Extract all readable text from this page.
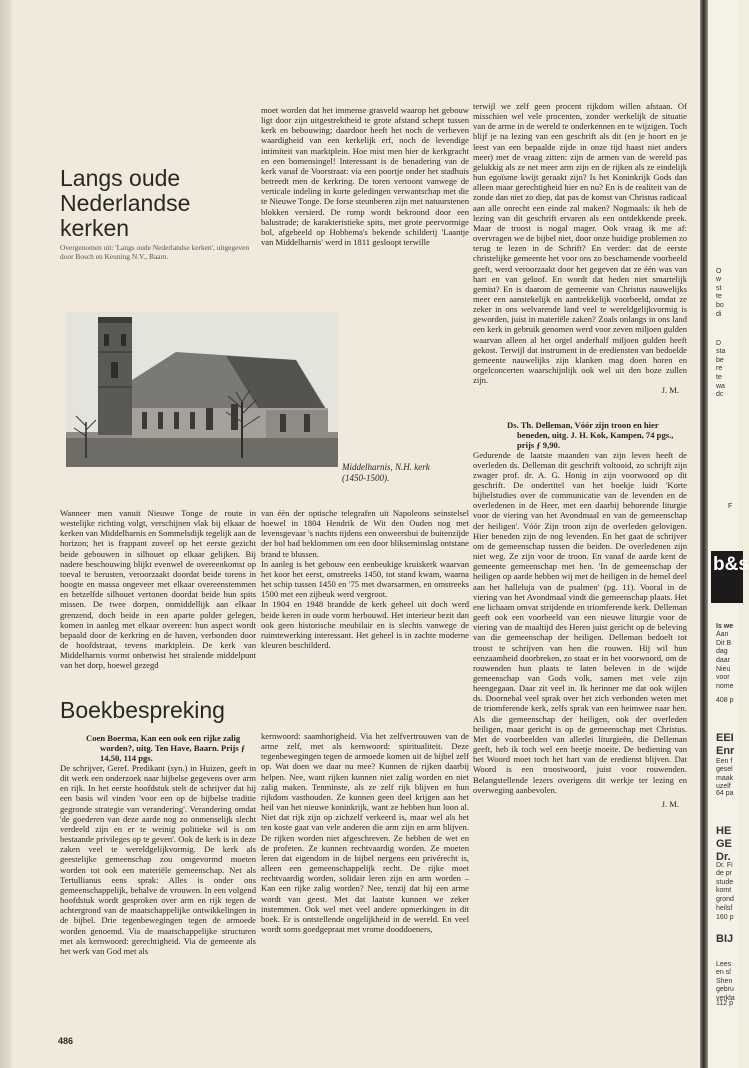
Langs oude
Nederlandse
kerken
Overgenomen uit: 'Langs oude Nederlandse kerken', uitgegeven door Bosch en Keuning N.V., Baarn.

moet worden dat het immense grasveld waarop het gebouw ligt door zijn uitgestrektheid te grote afstand schept tussen kerk en bebouwing; daardoor heeft het noch de verheven waardigheid van een kerkelijk erf, noch de levendige intimiteit van marktplein. Hoe mist men hier de kerkgracht en een bomensingel! Interessant is de benadering van de kerk vanaf de Voorstraat: via een poortje onder het stadhuis betreedt men de kerkring. De toren vertoont vanwege de verticale indeling in korte geledingen verwantschap met die te Nieuwe Tonge. De forse steunberen zijn met natuurstenen blokken versierd. De romp wordt bekroond door een balustrade; de karakteristieke spits, met grote peervormige bol, afgebeeld op Hobbema's bekende schilderij 'Laantje van Middelharnis' werd in 1811 gesloopt terwille

Middelharnis, N.H. kerk
(1450-1500).

Wanneer men vanuit Nieuwe Tonge de route in westelijke richting volgt, verschijnen vlak bij elkaar de kerken van Middelharnis en Sommelsdijk tegelijk aan de horizon; het is frappant zoveel op het eerste gezicht beide gebouwen in silhouet op elkaar gelijken. Bij nadere beschouwing blijkt evenwel de overeenkomst op toeval te berusten, veroorzaakt doordat beide torens in hoogte en massa ongeveer met elkaar overeenstemmen en hetzelfde silhouet vertonen doordat beide hun spits missen. De twee dorpen, onmiddellijk aan elkaar grenzend, doch beide in een aparte polder gelegen, komen in aanleg met elkaar overeen: hun aspect wordt bepaald door de kerkring en de haven, verbonden door de hoofdstraat, tevens marktplein. De kerk van Middelharnis vormt onbetwist het stralende middelpunt van het dorp, hoewel gezegd

van één der optische telegrafen uit Napoleons seinstelsel hoewel in 1804 Hendrik de Wit den Ouden nog met levensgevaar 's nachts tijdens een onweersbui de buitenzijde der bol had beklommen om een door blikseminslag ontstane brand te blussen.

In aanleg is het gebouw een eenbeukige kruiskerk waarvan het koor het eerst, omstreeks 1450, tot stand kwam, waarna het schip tussen 1450 en '75 met dwarsarmen, en omstreeks 1500 met een zijbeuk werd vergroot.

In 1904 en 1948 brandde de kerk geheel uit doch werd beide keren in oude vorm herbouwd. Het interieur bezit dan ook geen historische meubilair en is slechts vanwege de ruimtewerking interessant. Het geheel is in zachte moderne kleuren beschilderd.

Boekbespreking

Coen Boerma, Kan een ook een rijke zalig worden?, uitg. Ten Have, Baarn. Prijs ƒ 14,50, 114 pgs.

De schrijver, Geref. Predikant (syn.) in Huizen, geeft in dit werk een onderzoek naar bijbelse gegevens over arm en rijk. In het eerste hoofdstuk stelt de schrijver dat hij een basis wil vinden 'voor een op de bijbelse traditie gegronde strategie van verandering'. Verandering omdat 'de goederen van deze aarde nog zo onmenselijk slecht verdeeld zijn en er te weinig politieke wil is om bestaande privileges op te geven'. Ook de kerk is in deze zaken veel te wereldgelijkvormig. De kerk als geestelijke gemeenschap zou omgevormd moeten worden tot ook een materiële gemeenschap. Net als Tertullianus eens sprak: Alles is onder ons gemeenschappelijk, behalve de vrouwen. In een volgend hoofdstuk wordt gesproken over arm en rijk tegen de achtergrond van de maatschappelijke ontwikkelingen in de bijbel. Drie tegenbewegingen tegen de armoede worden genoemd. Via de maatschappelijke structuren met als kernwoord: gerechtigheid. Via de gemeente als het werk van God met als

kernwoord: saamhorigheid. Via het zelfvertrouwen van de arme zelf, met als kernwoord: spiritualiteit. Deze tegenbewegingen tegen de armoede komen uit de bijbel zelf op. Wat doen we daar nu mee? Kunnen de rijken daarbij helpen. Nee, want rijken kunnen niet zalig worden en niet zalig maken. Tenminste, als ze zelf rijk blijven en hun rijkdom vasthouden. Ze kunnen geen deel krijgen aan het heil van het nieuwe koninkrijk, want ze hebben hun loon al. Niet dat rijk zijn op zichzelf verkeerd is, maar wel als het ten koste gaat van vele anderen die arm zijn en arm blijven. De rijken worden niet afgeschreven. Ze hebben de wet en de profeten. Ze kunnen rechtvaardig worden. Ze moeten leren dat eigendom in de bijbel nergens een privérecht is, alleen een gemeenschappelijk recht. De rijke moet rechtvaardig worden, solidair leren zijn en arm worden – Kan een rijke zalig worden? Nee, tenzij dat hij een arme wordt van geest. Met dat laatste kunnen we zeker instemmen. Ook wel met veel andere opmerkingen in dit boek. Er is ontstellende ongelijkheid in de wereld. En veel wordt soms goedgepraat met vrome dooddoeners,

terwijl we zelf geen procent rijkdom willen afstaan. Of misschien wel vele procenten, zonder werkelijk de situatie van de arme in de wereld te onderkennen en te wijzigen. Toch blijf je na lezing van een geschrift als dit (en je hoort en je leest van een bepaalde zijde in onze tijd haast niet anders meer) met de vraag zitten: zijn de armen van de wereld pas gelukkig als ze net meer arm zijn en de rijken als ze eindelijk hun egoïsme kwijt geraakt zijn? Is het Koninkrijk Gods dan alleen maar gerechtigheid hier en nu? En is de realiteit van de zonde dan niet zo diep, dat pas de komst van Christus radicaal aan alle onrecht een einde zal maken? Nogmaals: ik heb de lezing van dit geschrift ervaren als een ontdekkende preek. Maar de troost is nogal mager. Ook vraag ik me af: overvragen we de bijbel niet, door onze huidige problemen zo terug te lezen in de Schrift? En verder: dat de eerste christelijke gemeente het voor ons zo beschamende voorbeeld geeft, werd veroorzaakt door het gegeven dat ze één was van hart en van geloof. En wordt dat heden niet smartelijk gemist? En is daarom de gemeente van Christus nauwelijks meer een aanstekelijk en aantrekkelijk voorbeeld, omdat ze zeker in ons welvarende land veel te wereldgelijkvormig is geworden, juist in materiële zaken? Zoals onlangs in ons land een kerk in gebruik genomen werd voor zeven miljoen gulden waarvan alleen al het orgel anderhalf miljoen gulden heeft gekost. Terwijl dat instrument in de erediensten van bedoelde gemeente nauwelijks zijn klanken mag doen horen en orgelconcerten waarschijnlijk ook wel uit den boze zullen zijn.

J. M.

Ds. Th. Delleman, Vóór zijn troon en hier beneden, uitg. J. H. Kok, Kampen, 74 pgs., prijs ƒ 9,90.

Gedurende de laatste maanden van zijn leven heeft de overleden ds. Delleman dit geschrift voltooid, zo schrijft zijn zwager prof. dr. A. G. Honig in zijn voorwoord op dit geschrift. De ondertitel van het boekje luidt 'Korte bijbelstudies over de communicatie van de levenden en de overledenen in de Heer, met een daarbij behorende liturgie voor de viering van het Avondmaal en van de gemeenschap der heiligen'. Vóór Zijn troon zijn de overleden gelovigen. Hier beneden zijn de nog levenden. En het gaat de schrijver om de gemeenschap tussen die beiden. De overledenen zijn niet weg. Ze zijn voor de troon. En vanaf de aarde kent de gemeente gemeenschap met hen. 'In de gemeenschap der heiligen op aarde hebben wij met de heiligen in de hemel deel aan het halleluja van de psalmen' (pg. 11). Vooral in de viering van het Avondmaal vindt die gemeenschap plaats. Het ene lichaam omvat strijdende en triomferende kerk. Delleman geeft ook een voorbeeld van een nieuwe liturgie voor de viering van de maaltijd des Heren juist gericht op de beleving van die gemeenschap der heiligen. Delleman bedoelt tot troost te schrijven van hen die rouwen. Hij wil hun eenzaamheid doorbreken, zo staat er in het voorwoord, om de rouwenden hun plaats te laten beleven in de wijde gemeenschap van Gods volk, samen met vele zijn heengegaan. Daar zit veel in. Ik herinner me dat ook wijlen ds. Doornebal veel sprak over het zich verbonden weten met de triomferende kerk, zelfs sprak van een heimwee naar hen. Als die gemeenschap der heiligen, ook der overleden heiligen, maar gericht is op de gemeenschap met Christus. Met de voorbeelden van allerlei liturgieën, die Delleman geeft, heb ik toch wel een beetje moeite. De bediening van het Woord moet toch het hart van de eredienst blijven. Dat Woord is een troostwoord, juist voor rouwenden. Belangstellende lezers overigens dit werkje ter lezing en overweging aanbevolen.

J. M.

486

O
w
st
te
bo
di

D
sta
be
re
te
wa
dc

F
b&s

Is we
Aan
Dit B
dag
daar
Nieu
voor
nome

408 p

EEI
Enr

Een f
gesel
maak
uzelf

64 pa

HE
GE
Dr.

Dr. Fi
de pr
stude
komt
grond
heilsf

160 p
BIJ

Lees
en sl
Shen
gebru
verkla

112 p
